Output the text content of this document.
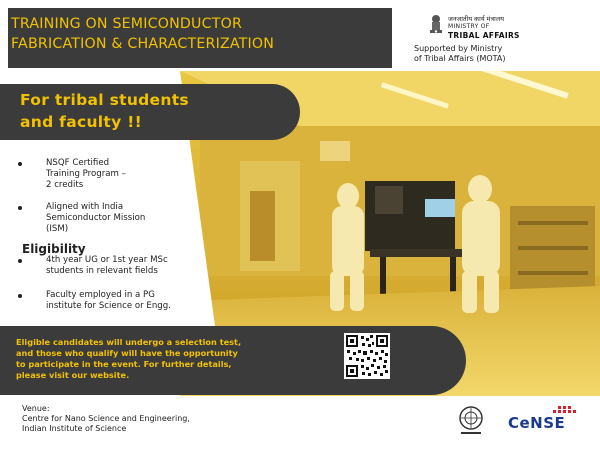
TRAINING ON SEMICONDUCTOR
FABRICATION & CHARACTERIZATION
जनजातीय कार्य मंत्रालय
MINISTRY OF
TRIBAL AFFAIRS
Supported by Ministry
of Tribal Affairs (MOTA)
For tribal students
and faculty !!
NSQF Certified
Training Program –
2 credits
Aligned with India
Semiconductor Mission
(ISM)
Eligibility
4th year UG or 1st year MSc
students in relevant fields
Faculty employed in a PG
institute for Science or Engg.
Eligible candidates will undergo a selection test,
and those who qualify will have the opportunity
to participate in the event. For further details,
please visit our website.
Venue:
Centre for Nano Science and Engineering,
Indian Institute of Science	CeNSE
